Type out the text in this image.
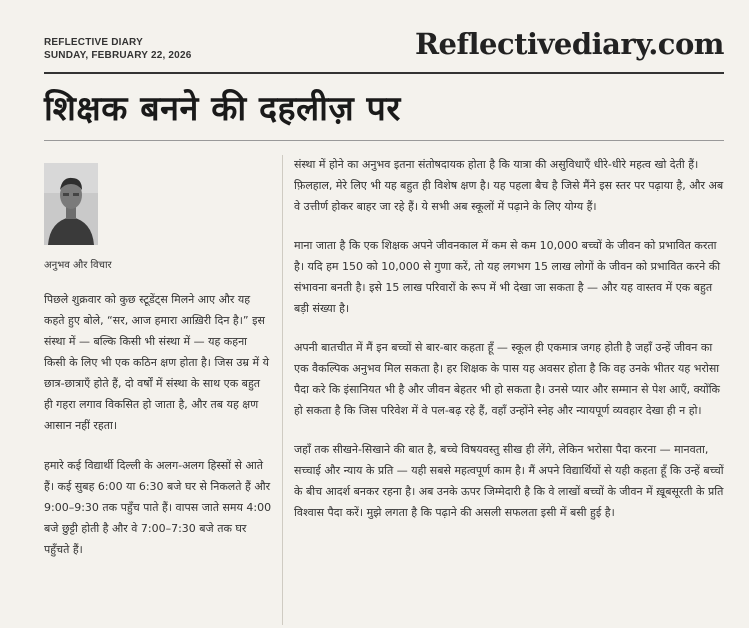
REFLECTIVE DIARY
SUNDAY, FEBRUARY 22, 2026	Reflectivediary.com
शिक्षक बनने की दहलीज़ पर
अनुभव और विचार

पिछले शुक्रवार को कुछ स्टूडेंट्स मिलने आए और यह कहते हुए बोले, “सर, आज हमारा आख़िरी दिन है।” इस संस्था में — बल्कि किसी भी संस्था में — यह कहना किसी के लिए भी एक कठिन क्षण होता है। जिस उम्र में ये छात्र-छात्राएँ होते हैं, दो वर्षों में संस्था के साथ एक बहुत ही गहरा लगाव विकसित हो जाता है, और तब यह क्षण आसान नहीं रहता।

हमारे कई विद्यार्थी दिल्ली के अलग-अलग हिस्सों से आते हैं। कई सुबह 6:00 या 6:30 बजे घर से निकलते हैं और 9:00–9:30 तक पहुँच पाते हैं। वापस जाते समय 4:00 बजे छुट्टी होती है और वे 7:00–7:30 बजे तक घर पहुँचते हैं।

संस्था में होने का अनुभव इतना संतोषदायक होता है कि यात्रा की असुविधाएँ धीरे-धीरे महत्व खो देती हैं। फ़िलहाल, मेरे लिए भी यह बहुत ही विशेष क्षण है। यह पहला बैच है जिसे मैंने इस स्तर पर पढ़ाया है, और अब वे उत्तीर्ण होकर बाहर जा रहे हैं। ये सभी अब स्कूलों में पढ़ाने के लिए योग्य हैं।

माना जाता है कि एक शिक्षक अपने जीवनकाल में कम से कम 10,000 बच्चों के जीवन को प्रभावित करता है। यदि हम 150 को 10,000 से गुणा करें, तो यह लगभग 15 लाख लोगों के जीवन को प्रभावित करने की संभावना बनती है। इसे 15 लाख परिवारों के रूप में भी देखा जा सकता है — और यह वास्तव में एक बहुत बड़ी संख्या है।

अपनी बातचीत में मैं इन बच्चों से बार-बार कहता हूँ — स्कूल ही एकमात्र जगह होती है जहाँ उन्हें जीवन का एक वैकल्पिक अनुभव मिल सकता है। हर शिक्षक के पास यह अवसर होता है कि वह उनके भीतर यह भरोसा पैदा करे कि इंसानियत भी है और जीवन बेहतर भी हो सकता है। उनसे प्यार और सम्मान से पेश आएँ, क्योंकि हो सकता है कि जिस परिवेश में वे पल-बढ़ रहे हैं, वहाँ उन्होंने स्नेह और न्यायपूर्ण व्यवहार देखा ही न हो।

जहाँ तक सीखने-सिखाने की बात है, बच्चे विषयवस्तु सीख ही लेंगे, लेकिन भरोसा पैदा करना — मानवता, सच्चाई और न्याय के प्रति — यही सबसे महत्वपूर्ण काम है। मैं अपने विद्यार्थियों से यही कहता हूँ कि उन्हें बच्चों के बीच आदर्श बनकर रहना है। अब उनके ऊपर जिम्मेदारी है कि वे लाखों बच्चों के जीवन में ख़ूबसूरती के प्रति विश्वास पैदा करें। मुझे लगता है कि पढ़ाने की असली सफलता इसी में बसी हुई है।
